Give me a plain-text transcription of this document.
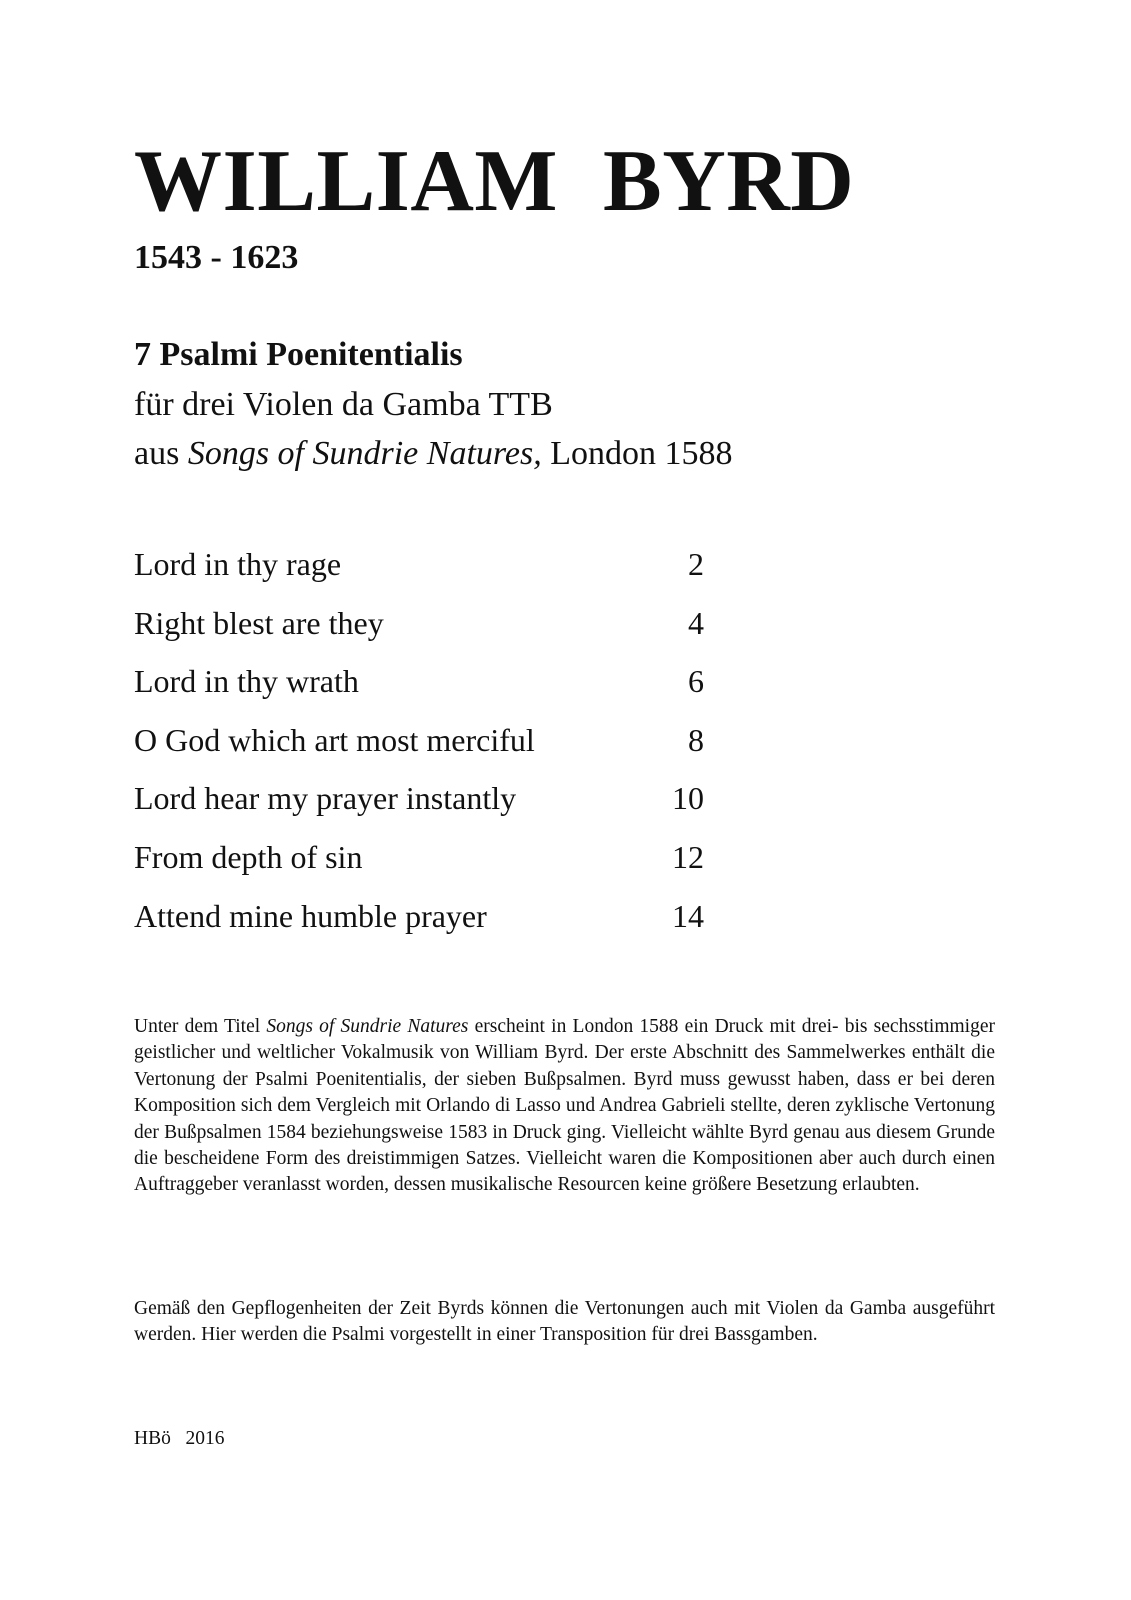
WILLIAM  BYRD
1543 - 1623
7 Psalmi Poenitentialis
für drei Violen da Gamba TTB
aus Songs of Sundrie Natures, London 1588
Lord in thy rage	2
Right blest are they	4
Lord in thy wrath	6
O God which art most merciful	8
Lord hear my prayer instantly	10
From depth of sin	12
Attend mine humble prayer	14

Unter dem Titel Songs of Sundrie Natures erscheint in London 1588 ein Druck mit drei- bis sechsstimmiger geistlicher und weltlicher Vokalmusik von William Byrd. Der erste Abschnitt des Sammelwerkes enthält die Vertonung der Psalmi Poenitentialis, der sieben Bußpsalmen. Byrd muss gewusst haben, dass er bei deren Komposition sich dem Vergleich mit Orlando di Lasso und Andrea Gabrieli stellte, deren zyklische Vertonung der Bußpsalmen 1584 beziehungsweise 1583 in Druck ging. Vielleicht wählte Byrd genau aus diesem Grunde die bescheidene Form des dreistimmigen Satzes. Vielleicht waren die Kompositionen aber auch durch einen Auftraggeber veranlasst worden, dessen musikalische Resourcen keine größere Besetzung erlaubten.

Gemäß den Gepflogenheiten der Zeit Byrds können die Vertonungen auch mit Violen da Gamba ausgeführt werden. Hier werden die Psalmi vorgestellt in einer Transposition für drei Bassgamben.

HBö   2016
